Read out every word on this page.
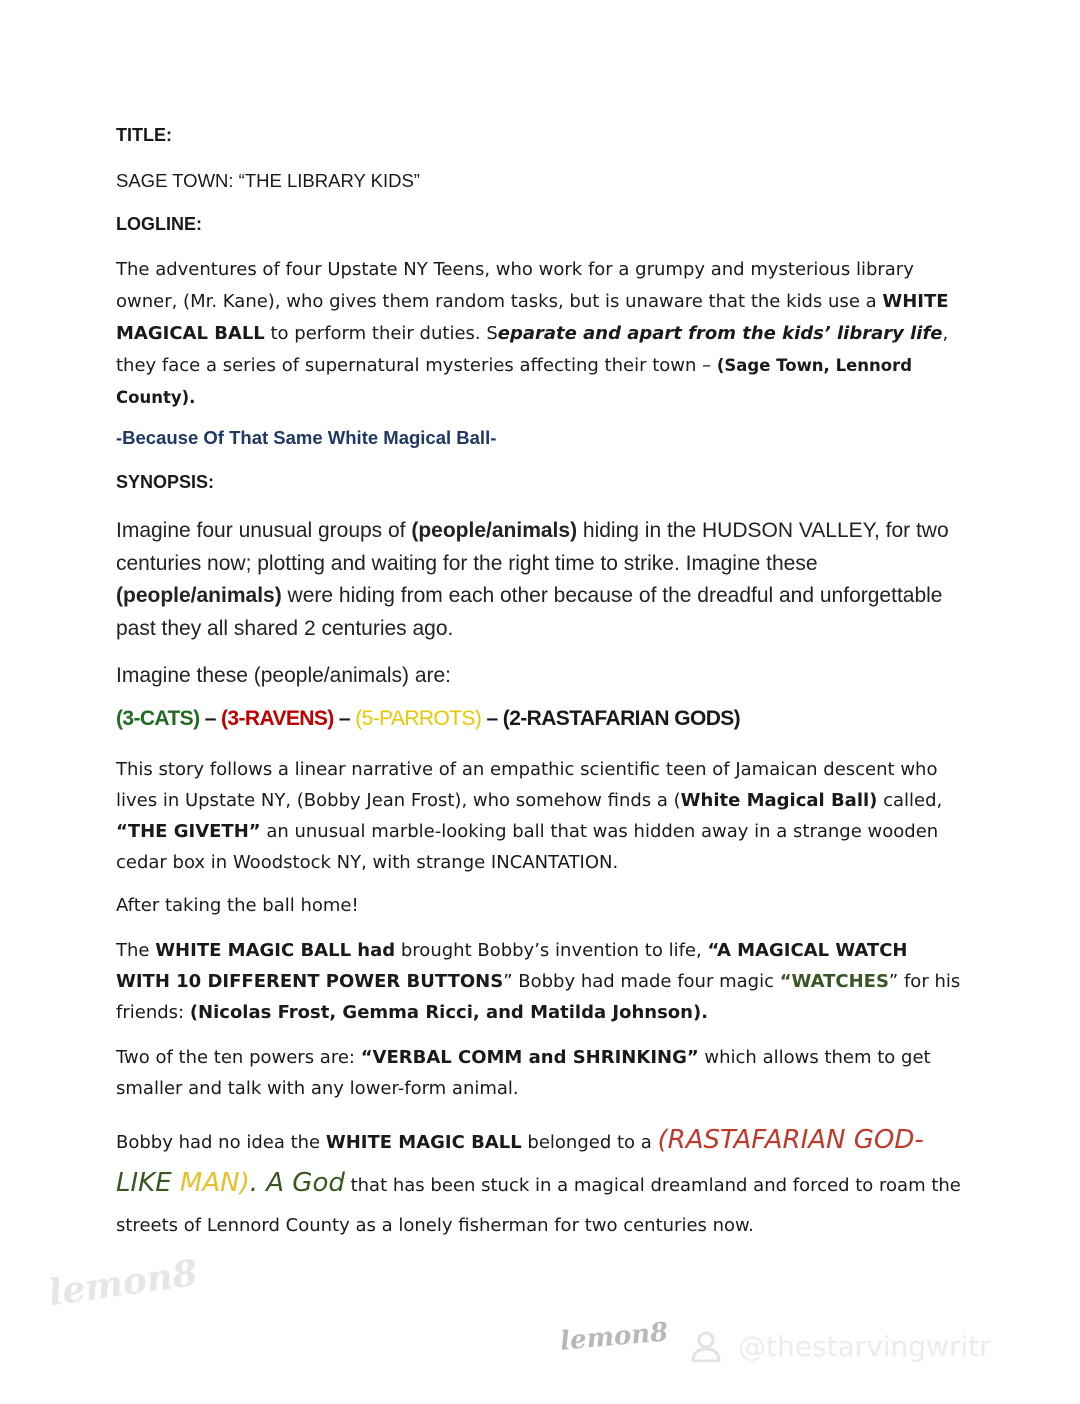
TITLE:
SAGE TOWN: “THE LIBRARY KIDS”
LOGLINE:
The adventures of four Upstate NY Teens, who work for a grumpy and mysterious library owner, (Mr. Kane), who gives them random tasks, but is unaware that the kids use a WHITE MAGICAL BALL to perform their duties. Separate and apart from the kids’ library life, they face a series of supernatural mysteries affecting their town – (Sage Town, Lennord County).
-Because Of That Same White Magical Ball-
SYNOPSIS:
Imagine four unusual groups of (people/animals) hiding in the HUDSON VALLEY, for two centuries now; plotting and waiting for the right time to strike. Imagine these (people/animals) were hiding from each other because of the dreadful and unforgettable past they all shared 2 centuries ago.
Imagine these (people/animals) are:
(3-CATS) – (3-RAVENS) – (5-PARROTS) – (2-RASTAFARIAN GODS)
This story follows a linear narrative of an empathic scientific teen of Jamaican descent who lives in Upstate NY, (Bobby Jean Frost), who somehow finds a (White Magical Ball) called, “THE GIVETH” an unusual marble-looking ball that was hidden away in a strange wooden cedar box in Woodstock NY, with strange INCANTATION.
After taking the ball home!
The WHITE MAGIC BALL had brought Bobby’s invention to life, “A MAGICAL WATCH WITH 10 DIFFERENT POWER BUTTONS” Bobby had made four magic “WATCHES” for his friends: (Nicolas Frost, Gemma Ricci, and Matilda Johnson).
Two of the ten powers are: “VERBAL COMM and SHRINKING” which allows them to get smaller and talk with any lower-form animal.
Bobby had no idea the WHITE MAGIC BALL belonged to a (RASTAFARIAN GOD-LIKE MAN). A God that has been stuck in a magical dreamland and forced to roam the streets of Lennord County as a lonely fisherman for two centuries now.
lemon8
lemon8 @thestarvingwritr
